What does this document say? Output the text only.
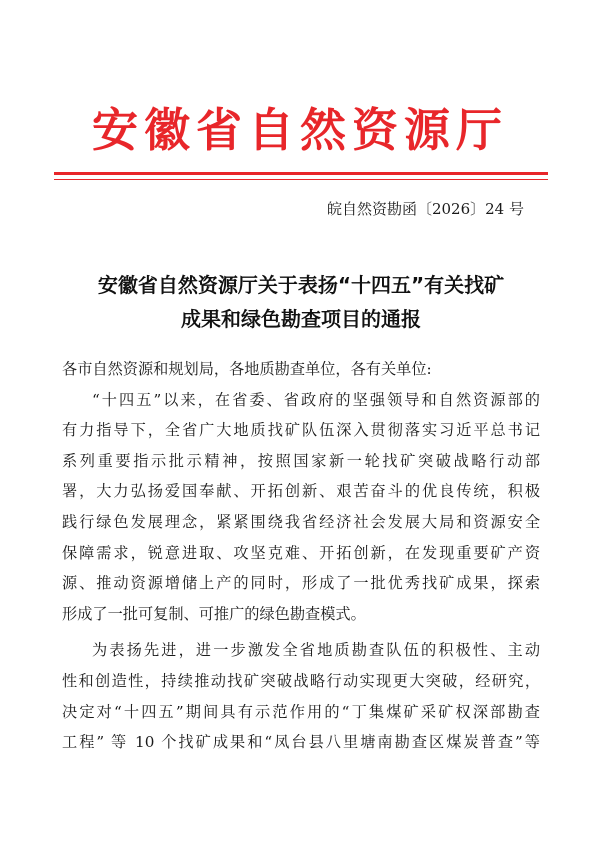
安徽省自然资源厅
皖自然资勘函〔2026〕24 号
安徽省自然资源厅关于表扬“十四五”有关找矿
成果和绿色勘查项目的通报
各市自然资源和规划局，各地质勘查单位，各有关单位:
“十四五”以来，在省委、省政府的坚强领导和自然资源部的
有力指导下，全省广大地质找矿队伍深入贯彻落实习近平总书记
系列重要指示批示精神，按照国家新一轮找矿突破战略行动部
署，大力弘扬爱国奉献、开拓创新、艰苦奋斗的优良传统，积极
践行绿色发展理念，紧紧围绕我省经济社会发展大局和资源安全
保障需求，锐意进取、攻坚克难、开拓创新，在发现重要矿产资
源、推动资源增储上产的同时，形成了一批优秀找矿成果，探索
形成了一批可复制、可推广的绿色勘查模式。
为表扬先进，进一步激发全省地质勘查队伍的积极性、主动
性和创造性，持续推动找矿突破战略行动实现更大突破，经研究，
决定对“十四五”期间具有示范作用的“丁集煤矿采矿权深部勘查
工程” 等 10 个找矿成果和“凤台县八里塘南勘查区煤炭普查”等
